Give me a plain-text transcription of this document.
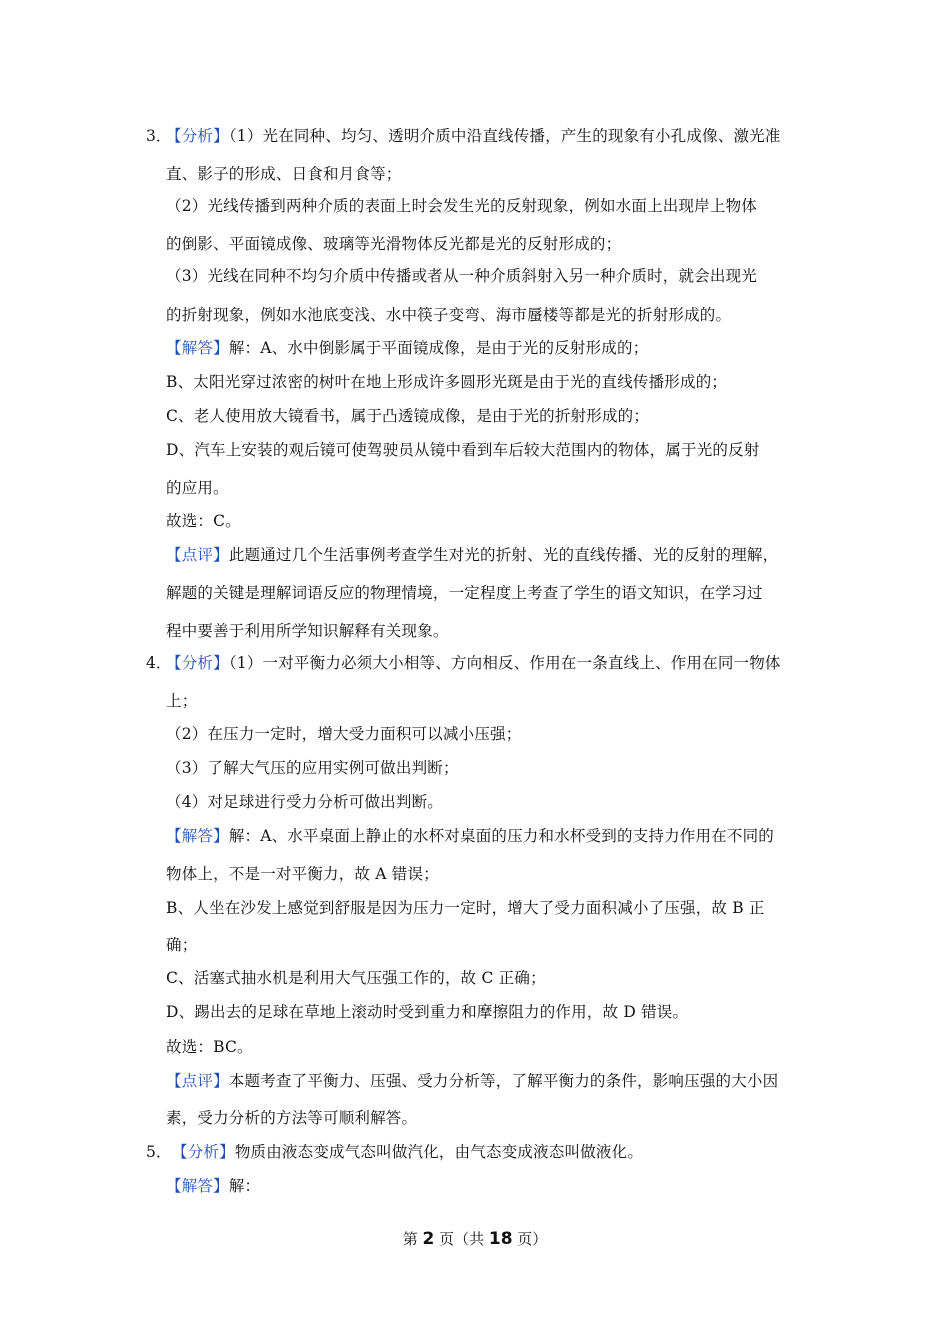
3．
【分析】（1）光在同种、均匀、透明介质中沿直线传播，产生的现象有小孔成像、激光准
直、影子的形成、日食和月食等；
（2）光线传播到两种介质的表面上时会发生光的反射现象，例如水面上出现岸上物体
的倒影、平面镜成像、玻璃等光滑物体反光都是光的反射形成的；
（3）光线在同种不均匀介质中传播或者从一种介质斜射入另一种介质时，就会出现光
的折射现象，例如水池底变浅、水中筷子变弯、海市蜃楼等都是光的折射形成的。
【解答】解：A、水中倒影属于平面镜成像，是由于光的反射形成的；
B、太阳光穿过浓密的树叶在地上形成许多圆形光斑是由于光的直线传播形成的；
C、老人使用放大镜看书，属于凸透镜成像，是由于光的折射形成的；
D、汽车上安装的观后镜可使驾驶员从镜中看到车后较大范围内的物体，属于光的反射
的应用。
故选：C。
【点评】此题通过几个生活事例考查学生对光的折射、光的直线传播、光的反射的理解，
解题的关键是理解词语反应的物理情境，一定程度上考查了学生的语文知识，在学习过
程中要善于利用所学知识解释有关现象。
4．
【分析】（1）一对平衡力必须大小相等、方向相反、作用在一条直线上、作用在同一物体
上；
（2）在压力一定时，增大受力面积可以减小压强；
（3）了解大气压的应用实例可做出判断；
（4）对足球进行受力分析可做出判断。
【解答】解：A、水平桌面上静止的水杯对桌面的压力和水杯受到的支持力作用在不同的
物体上，不是一对平衡力，故 A 错误；
B、人坐在沙发上感觉到舒服是因为压力一定时，增大了受力面积减小了压强，故 B 正
确；
C、活塞式抽水机是利用大气压强工作的，故 C 正确；
D、踢出去的足球在草地上滚动时受到重力和摩擦阻力的作用，故 D 错误。
故选：BC。
【点评】本题考查了平衡力、压强、受力分析等，了解平衡力的条件，影响压强的大小因
素，受力分析的方法等可顺利解答。
5． 【分析】物质由液态变成气态叫做汽化，由气态变成液态叫做液化。
【解答】解：
第 2 页（共 18 页）
